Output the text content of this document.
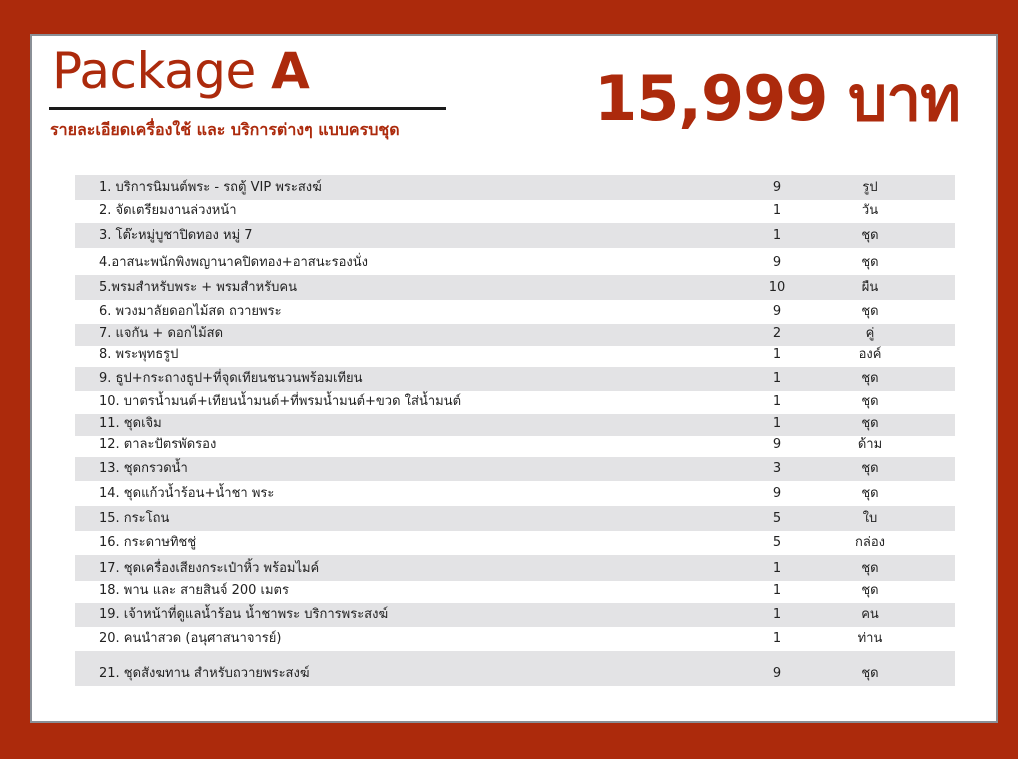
Package A
รายละเอียดเครื่องใช้ และ บริการต่างๆ แบบครบชุด	15,999 บาท
1. บริการนิมนต์พระ - รถตู้ VIP พระสงฆ์	9	รูป
2. จัดเตรียมงานล่วงหน้า	1	วัน
3. โต๊ะหมู่บูชาปิดทอง หมู่ 7	1	ชุด
4.อาสนะพนักพิงพญานาคปิดทอง+อาสนะรองนั่ง	9	ชุด
5.พรมสำหรับพระ + พรมสำหรับคน	10	ผืน
6. พวงมาลัยดอกไม้สด ถวายพระ	9	ชุด
7. แจกัน + ดอกไม้สด	2	คู่
8. พระพุทธรูป	1	องค์
9. ธูป+กระถางธูป+ที่จุดเทียนชนวนพร้อมเทียน	1	ชุด
10. บาตรน้ำมนต์+เทียนน้ำมนต์+ที่พรมน้ำมนต์+ขวด ใส่น้ำมนต์	1	ชุด
11. ชุดเจิม	1	ชุด
12. ตาละปัตรพัดรอง	9	ด้าม
13. ชุดกรวดน้ำ	3	ชุด
14. ชุดแก้วน้ำร้อน+น้ำชา พระ	9	ชุด
15. กระโถน	5	ใบ
16. กระดาษทิชชู่	5	กล่อง
17. ชุดเครื่องเสียงกระเป๋าหิ้ว พร้อมไมค์	1	ชุด
18. พาน และ สายสินจ์ 200 เมตร	1	ชุด
19. เจ้าหน้าที่ดูแลน้ำร้อน น้ำชาพระ บริการพระสงฆ์	1	คน
20. คนนำสวด (อนุศาสนาจารย์)	1	ท่าน
21. ชุดสังฆทาน สำหรับถวายพระสงฆ์	9	ชุด
